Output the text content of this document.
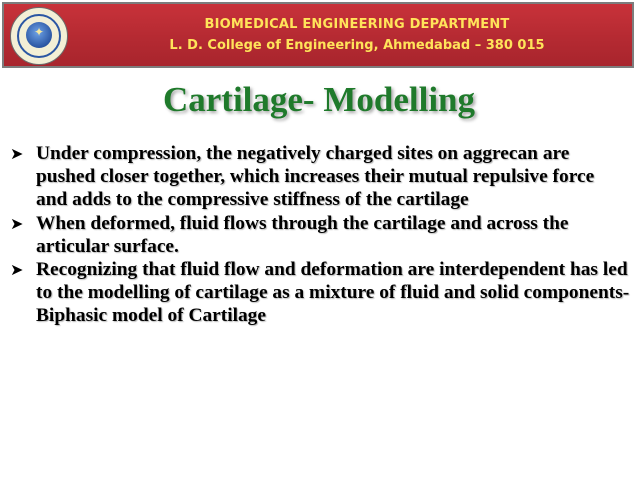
✦	BIOMEDICAL ENGINEERING DEPARTMENT
L. D. College of Engineering, Ahmedabad – 380 015
Cartilage- Modelling
➤ Under compression, the negatively charged sites on aggrecan are pushed closer together, which increases their mutual repulsive force and adds to the compressive stiffness of the cartilage
➤ When deformed, fluid flows through the cartilage and across the articular surface.
➤ Recognizing that fluid flow and deformation are interdependent has led to the modelling of cartilage as a mixture of fluid and solid components- Biphasic model of Cartilage
